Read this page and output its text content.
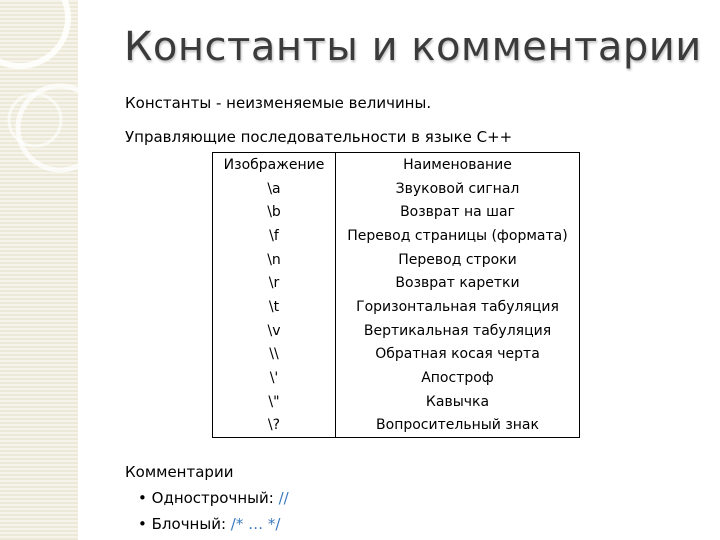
Константы и комментарии
Константы - неизменяемые величины.
Управляющие последовательности в языке С++
Изображение	Наименование
\a	Звуковой сигнал
\b	Возврат на шаг
\f	Перевод страницы (формата)
\n	Перевод строки
\r	Возврат каретки
\t	Горизонтальная табуляция
\v	Вертикальная табуляция
\\	Обратная косая черта
\'	Апостроф
\"	Кавычка
\?	Вопросительный знак
Комментарии
• Однострочный: //
• Блочный: /* … */
